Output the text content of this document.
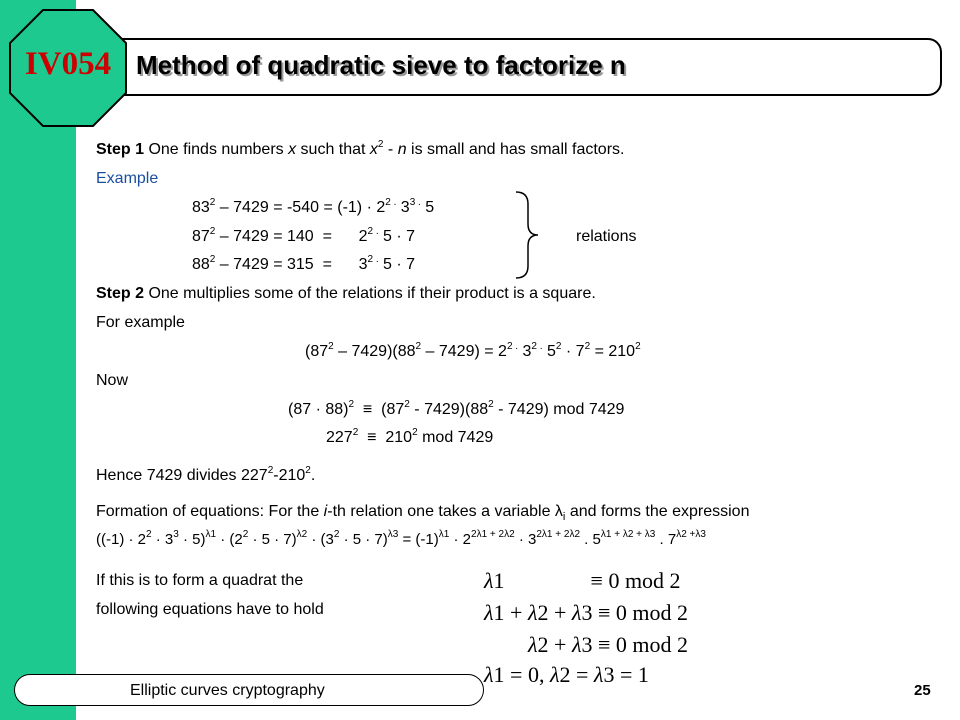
IV054 Method of quadratic sieve to factorize n
Step 1 One finds numbers x such that $x^2$ - n is small and has small factors.
Example
$83^2 - 7429 = -540 = (-1) \cdot 2^{2 .}$ $3^{3 .}$ 5
$87^2 - 7429 = 140$  =      $2^{2 .}$ 5 · 7
$88^2 - 7429 = 315$  =      $3^{2 .}$ 5 · 7
relations
Step 2 One multiplies some of the relations if their product is a square.
For example
$(87^2 - 7429)(88^2 - 7429) = 2^{2 .}$ $3^{2 .}$ $5^2 \cdot 7^2 = 210^2$
Now
$(87 \cdot 88)^2 \equiv (87^2 - 7429)(88^2 - 7429)$ mod 7429
$227^2 \equiv 210^2$ mod 7429
Hence 7429 divides $227^2-210^2$.
Formation of equations: For the i-th relation one takes a variable $\lambda_i$ and forms the expression
$((-1) \cdot 2^2 \cdot 3^3 \cdot 5)^{\lambda 1} \cdot (2^2 \cdot 5 \cdot 7)^{\lambda 2} \cdot (3^2 \cdot 5 \cdot 7)^{\lambda 3} = (-1)^{\lambda 1} \cdot 2^{2\lambda 1 + 2\lambda 2} \cdot 3^{2\lambda 1 + 2\lambda 2}$ . $5^{\lambda 1 + \lambda 2 + \lambda 3}$ . $7^{\lambda 2 +\lambda 3}$
If this is to form a quadrat the
following equations have to hold
λ1	≡ 0 mod 2
λ1 + λ2 + λ3 ≡ 0 mod 2
λ2 + λ3 ≡ 0 mod 2
λ1 = 0, λ2 = λ3 = 1
Elliptic curves cryptography	25
